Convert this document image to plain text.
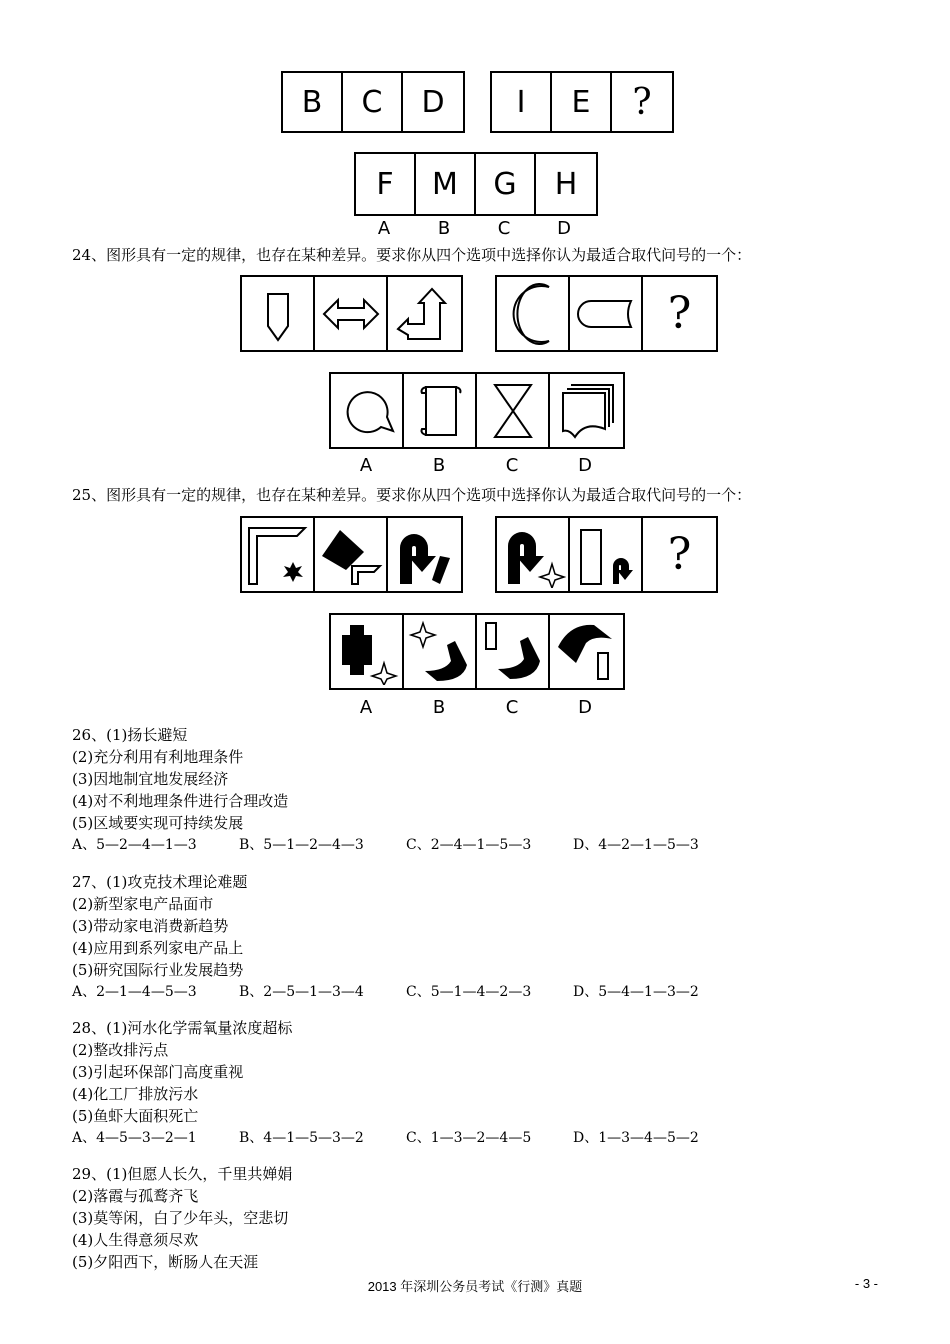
B	C	D	I	E	?
F	M	G	H
A	B	C	D
24、图形具有一定的规律，也存在某种差异。要求你从四个选项中选择你认为最适合取代问号的一个：
?
A	B	C	D
25、图形具有一定的规律，也存在某种差异。要求你从四个选项中选择你认为最适合取代问号的一个：
?
A	B	C	D
26、(1)扬长避短
(2)充分利用有利地理条件
(3)因地制宜地发展经济
(4)对不利地理条件进行合理改造
(5)区域要实现可持续发展
A、5—2—4—1—3	B、5—1—2—4—3	C、2—4—1—5—3	D、4—2—1—5—3
27、(1)攻克技术理论难题
(2)新型家电产品面市
(3)带动家电消费新趋势
(4)应用到系列家电产品上
(5)研究国际行业发展趋势
A、2—1—4—5—3	B、2—5—1—3—4	C、5—1—4—2—3	D、5—4—1—3—2
28、(1)河水化学需氧量浓度超标
(2)整改排污点
(3)引起环保部门高度重视
(4)化工厂排放污水
(5)鱼虾大面积死亡
A、4—5—3—2—1	B、4—1—5—3—2	C、1—3—2—4—5	D、1—3—4—5—2
29、(1)但愿人长久，千里共婵娟
(2)落霞与孤鹜齐飞
(3)莫等闲，白了少年头，空悲切
(4)人生得意须尽欢
(5)夕阳西下，断肠人在天涯
2013 年深圳公务员考试《行测》真题	- 3 -
